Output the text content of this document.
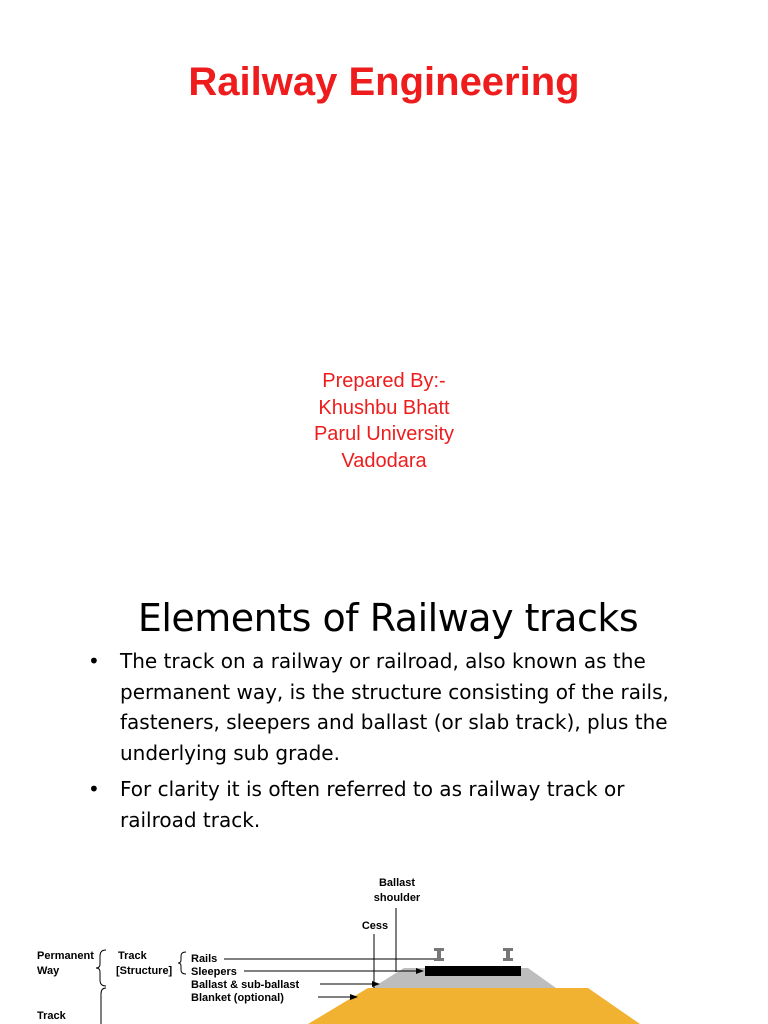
Railway Engineering
Prepared By:-
Khushbu Bhatt
Parul University
Vadodara
Elements of Railway tracks
• The track on a railway or railroad, also known as the permanent way, is the structure consisting of the rails, fasteners, sleepers and ballast (or slab track), plus the underlying sub grade.
• For clarity it is often referred to as railway track or railroad track.
Ballast
shoulder
Cess
Permanent
Way
Track
[Structure]
Rails
Sleepers
Ballast & sub-ballast
Blanket (optional)
Track
